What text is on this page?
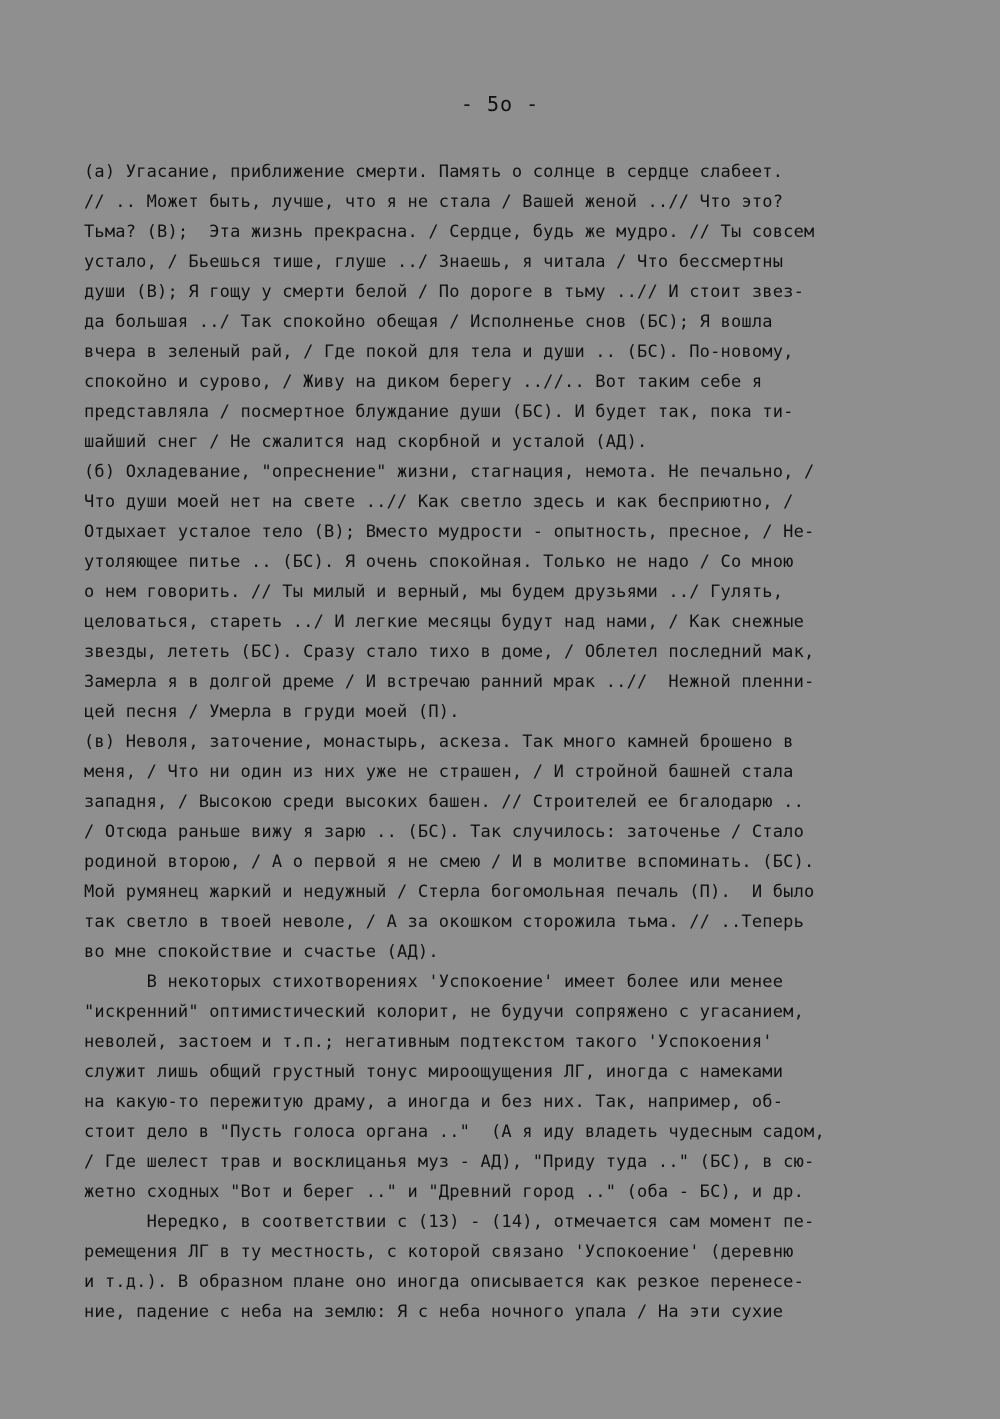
- 5o -
(а) Угасание, приближение смерти. Память о солнце в сердце слабеет.
// .. Может быть, лучше, что я не стала / Вашей женой ..// Что это?
Тьма? (В);  Эта жизнь прекрасна. / Сердце, будь же мудро. // Ты совсем
устало, / Бьешься тише, глуше ../ Знаешь, я читала / Что бессмертны
души (В); Я гощу у смерти белой / По дороге в тьму ..// И стоит звез-
да большая ../ Так спокойно обещая / Исполненье снов (БС); Я вошла
вчера в зеленый рай, / Где покой для тела и души .. (БС). По-новому,
спокойно и сурово, / Живу на диком берегу ..//.. Вот таким себе я
представляла / посмертное блуждание души (БС). И будет так, пока ти-
шайший снег / Не сжалится над скорбной и усталой (АД).
(б) Охладевание, "опреснение" жизни, стагнация, немота. Не печально, /
Что души моей нет на свете ..// Как светло здесь и как бесприютно, /
Отдыхает усталое тело (В); Вместо мудрости - опытность, пресное, / Не-
утоляющее питье .. (БС). Я очень спокойная. Только не надо / Со мною
о нем говорить. // Ты милый и верный, мы будем друзьями ../ Гулять,
целоваться, стареть ../ И легкие месяцы будут над нами, / Как снежные
звезды, лететь (БС). Сразу стало тихо в доме, / Облетел последний мак,
Замерла я в долгой дреме / И встречаю ранний мрак ..//  Нежной пленни-
цей песня / Умерла в груди моей (П).
(в) Неволя, заточение, монастырь, аскеза. Так много камней брошено в
меня, / Что ни один из них уже не страшен, / И стройной башней стала
западня, / Высокою среди высоких башен. // Строителей ее бгалодарю ..
/ Отсюда раньше вижу я зарю .. (БС). Так случилось: заточенье / Стало
родиной второю, / А о первой я не смею / И в молитве вспоминать. (БС).
Мой румянец жаркий и недужный / Стерла богомольная печаль (П).  И было
так светло в твоей неволе, / А за окошком сторожила тьма. // ..Теперь
во мне спокойствие и счастье (АД).
В некоторых стихотворениях 'Успокоение' имеет более или менее
"искренний" оптимистический колорит, не будучи сопряжено с угасанием,
неволей, застоем и т.п.; негативным подтекстом такого 'Успокоения'
служит лишь общий грустный тонус мироощущения ЛГ, иногда с намеками
на какую-то пережитую драму, а иногда и без них. Так, например, об-
стоит дело в "Пусть голоса органа .."  (А я иду владеть чудесным садом,
/ Где шелест трав и восклицанья муз - АД), "Приду туда .." (БС), в сю-
жетно сходных "Вот и берег .." и "Древний город .." (оба - БС), и др.
Нередко, в соответствии с (13) - (14), отмечается сам момент пе-
ремещения ЛГ в ту местность, с которой связано 'Успокоение' (деревню
и т.д.). В образном плане оно иногда описывается как резкое перенесе-
ние, падение с неба на землю: Я с неба ночного упала / На эти сухие
